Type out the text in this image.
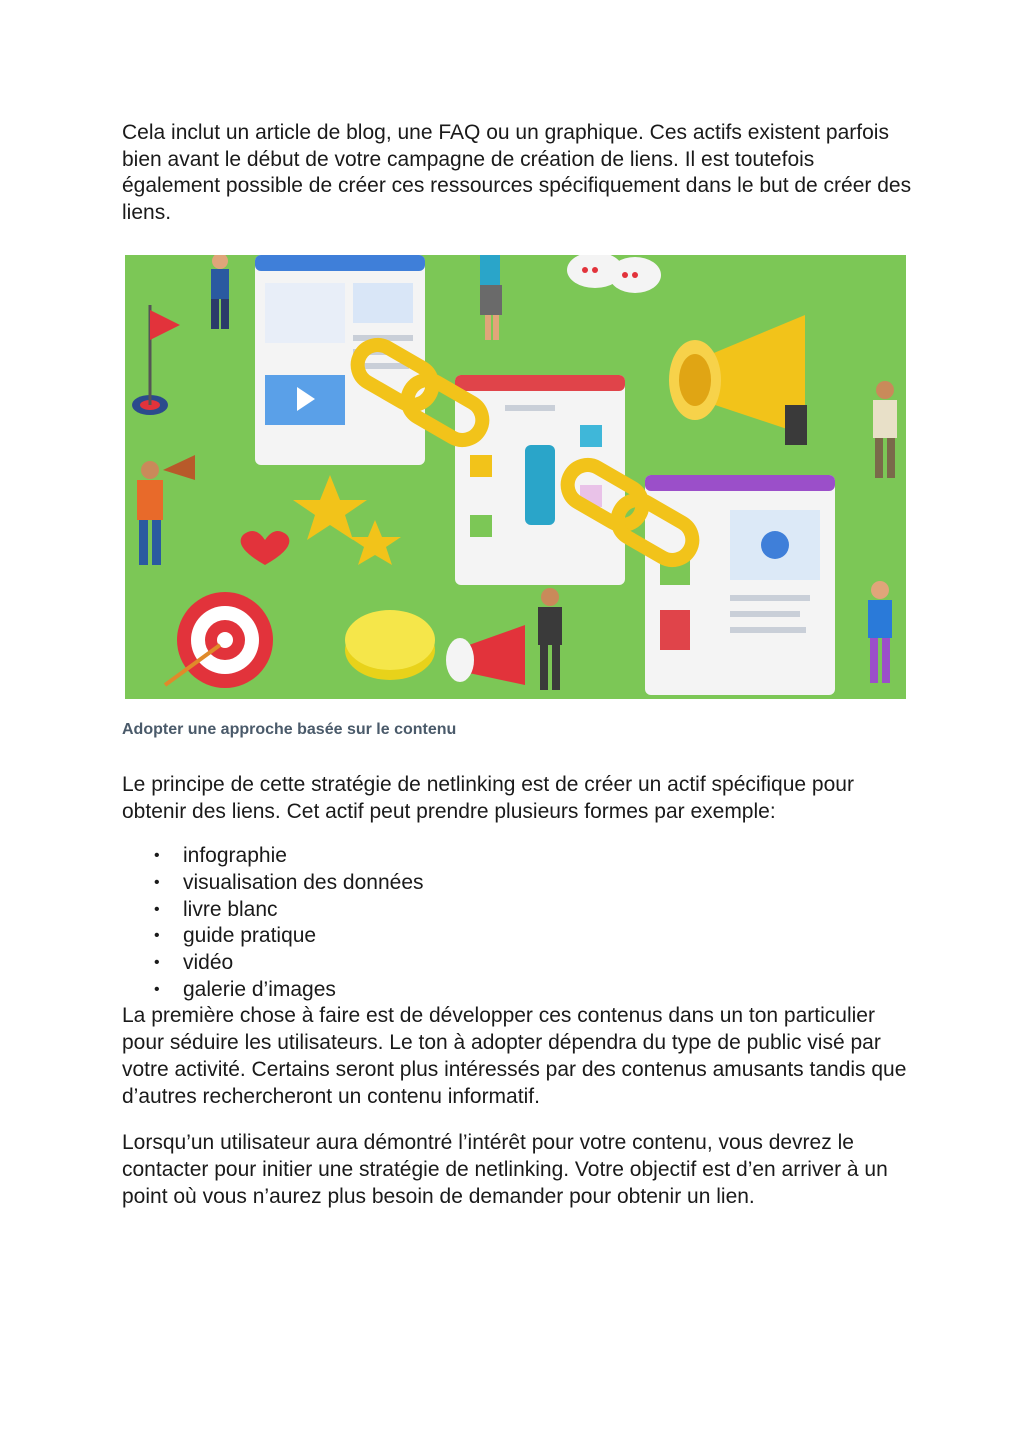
Cela inclut un article de blog, une FAQ ou un graphique. Ces actifs existent parfois bien avant le début de votre campagne de création de liens. Il est toutefois également possible de créer ces ressources spécifiquement dans le but de créer des liens.

Adopter une approche basée sur le contenu

Le principe de cette stratégie de netlinking est de créer un actif spécifique pour obtenir des liens. Cet actif peut prendre plusieurs formes par exemple:

• infographie
• visualisation des données
• livre blanc
• guide pratique
• vidéo
• galerie d’images

La première chose à faire est de développer ces contenus dans un ton particulier pour séduire les utilisateurs. Le ton à adopter dépendra du type de public visé par votre activité. Certains seront plus intéressés par des contenus amusants tandis que d’autres rechercheront un contenu informatif.

Lorsqu’un utilisateur aura démontré l’intérêt pour votre contenu, vous devrez le contacter pour initier une stratégie de netlinking. Votre objectif est d’en arriver à un point où vous n’aurez plus besoin de demander pour obtenir un lien.
